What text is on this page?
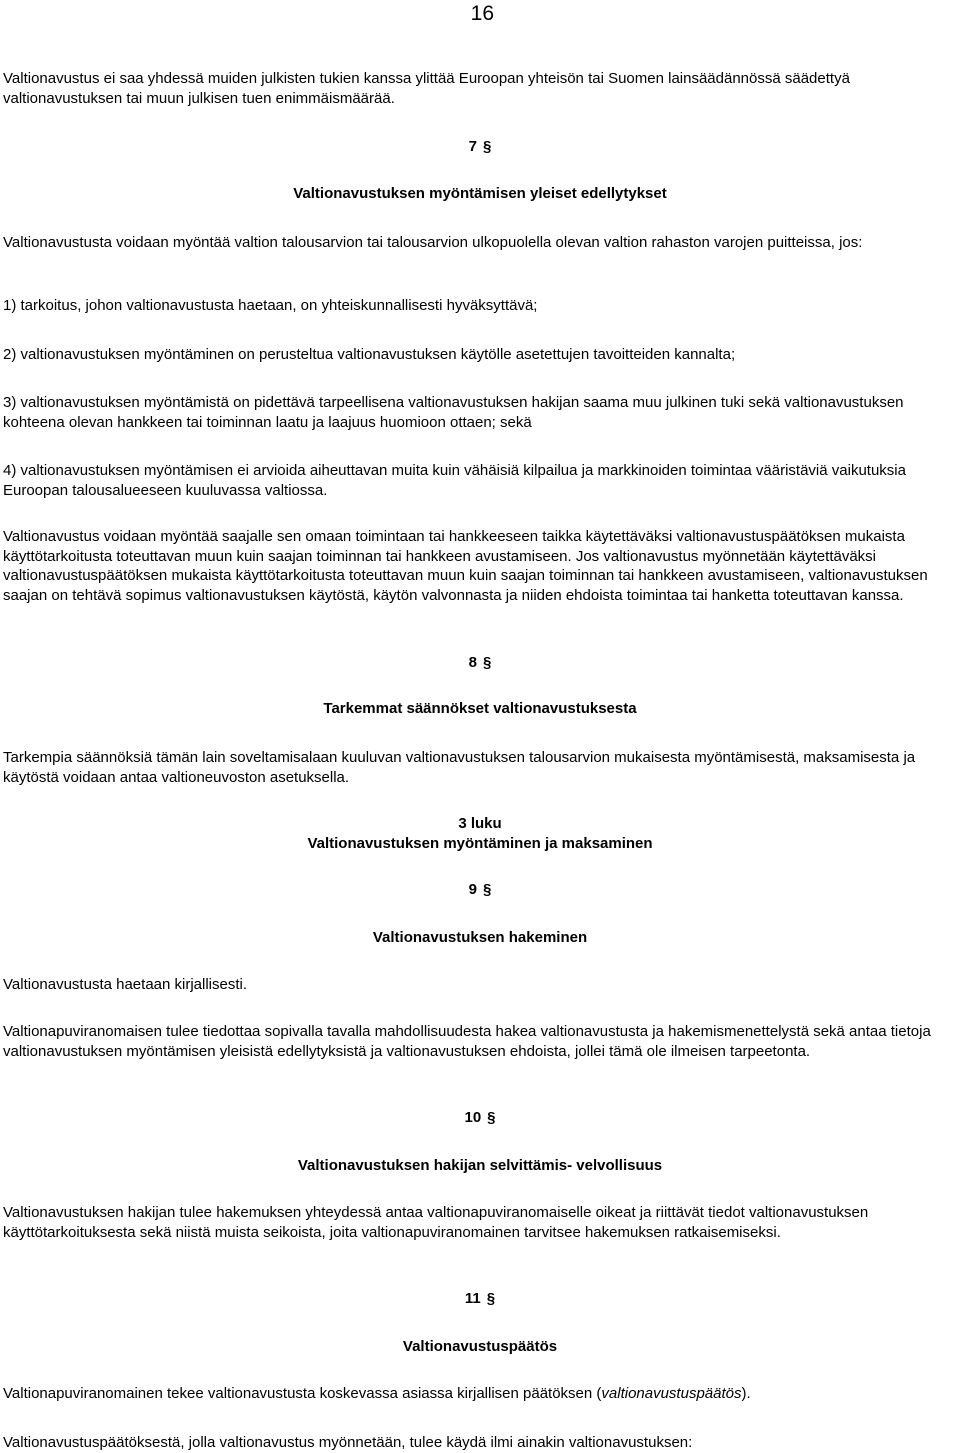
16

Valtionavustus ei saa yhdessä muiden julkisten tukien kanssa ylittää Euroopan yhteisön tai Suomen lainsäädännössä säädettyä valtionavustuksen tai muun julkisen tuen enimmäismäärää.

7 §
Valtionavustuksen myöntämisen yleiset edellytykset

Valtionavustusta voidaan myöntää valtion talousarvion tai talousarvion ulkopuolella olevan valtion rahaston varojen puitteissa, jos:

1) tarkoitus, johon valtionavustusta haetaan, on yhteiskunnallisesti hyväksyttävä;

2) valtionavustuksen myöntäminen on perusteltua valtionavustuksen käytölle asetettujen tavoitteiden kannalta;

3) valtionavustuksen myöntämistä on pidettävä tarpeellisena valtionavustuksen hakijan saama muu julkinen tuki sekä valtionavustuksen kohteena olevan hankkeen tai toiminnan laatu ja laajuus huomioon ottaen; sekä

4) valtionavustuksen myöntämisen ei arvioida aiheuttavan muita kuin vähäisiä kilpailua ja markkinoiden toimintaa vääristäviä vaikutuksia Euroopan talousalueeseen kuuluvassa valtiossa.

Valtionavustus voidaan myöntää saajalle sen omaan toimintaan tai hankkeeseen taikka käytettäväksi valtionavustuspäätöksen mukaista käyttötarkoitusta toteuttavan muun kuin saajan toiminnan tai hankkeen avustamiseen. Jos valtionavustus myönnetään käytettäväksi valtionavustuspäätöksen mukaista käyttötarkoitusta toteuttavan muun kuin saajan toiminnan tai hankkeen avustamiseen, valtionavustuksen saajan on tehtävä sopimus valtionavustuksen käytöstä, käytön valvonnasta ja niiden ehdoista toimintaa tai hanketta toteuttavan kanssa.

8 §
Tarkemmat säännökset valtionavustuksesta

Tarkempia säännöksiä tämän lain soveltamisalaan kuuluvan valtionavustuksen talousarvion mukaisesta myöntämisestä, maksamisesta ja käytöstä voidaan antaa valtioneuvoston asetuksella.

3 luku
Valtionavustuksen myöntäminen ja maksaminen
9 §
Valtionavustuksen hakeminen

Valtionavustusta haetaan kirjallisesti.

Valtionapuviranomaisen tulee tiedottaa sopivalla tavalla mahdollisuudesta hakea valtionavustusta ja hakemismenettelystä sekä antaa tietoja valtionavustuksen myöntämisen yleisistä edellytyksistä ja valtionavustuksen ehdoista, jollei tämä ole ilmeisen tarpeetonta.

10 §
Valtionavustuksen hakijan selvittämis- velvollisuus

Valtionavustuksen hakijan tulee hakemuksen yhteydessä antaa valtionapuviranomaiselle oikeat ja riittävät tiedot valtionavustuksen käyttötarkoituksesta sekä niistä muista seikoista, joita valtionapuviranomainen tarvitsee hakemuksen ratkaisemiseksi.

11 §
Valtionavustuspäätös

Valtionapuviranomainen tekee valtionavustusta koskevassa asiassa kirjallisen päätöksen (valtionavustuspäätös).

Valtionavustuspäätöksestä, jolla valtionavustus myönnetään, tulee käydä ilmi ainakin valtionavustuksen:
